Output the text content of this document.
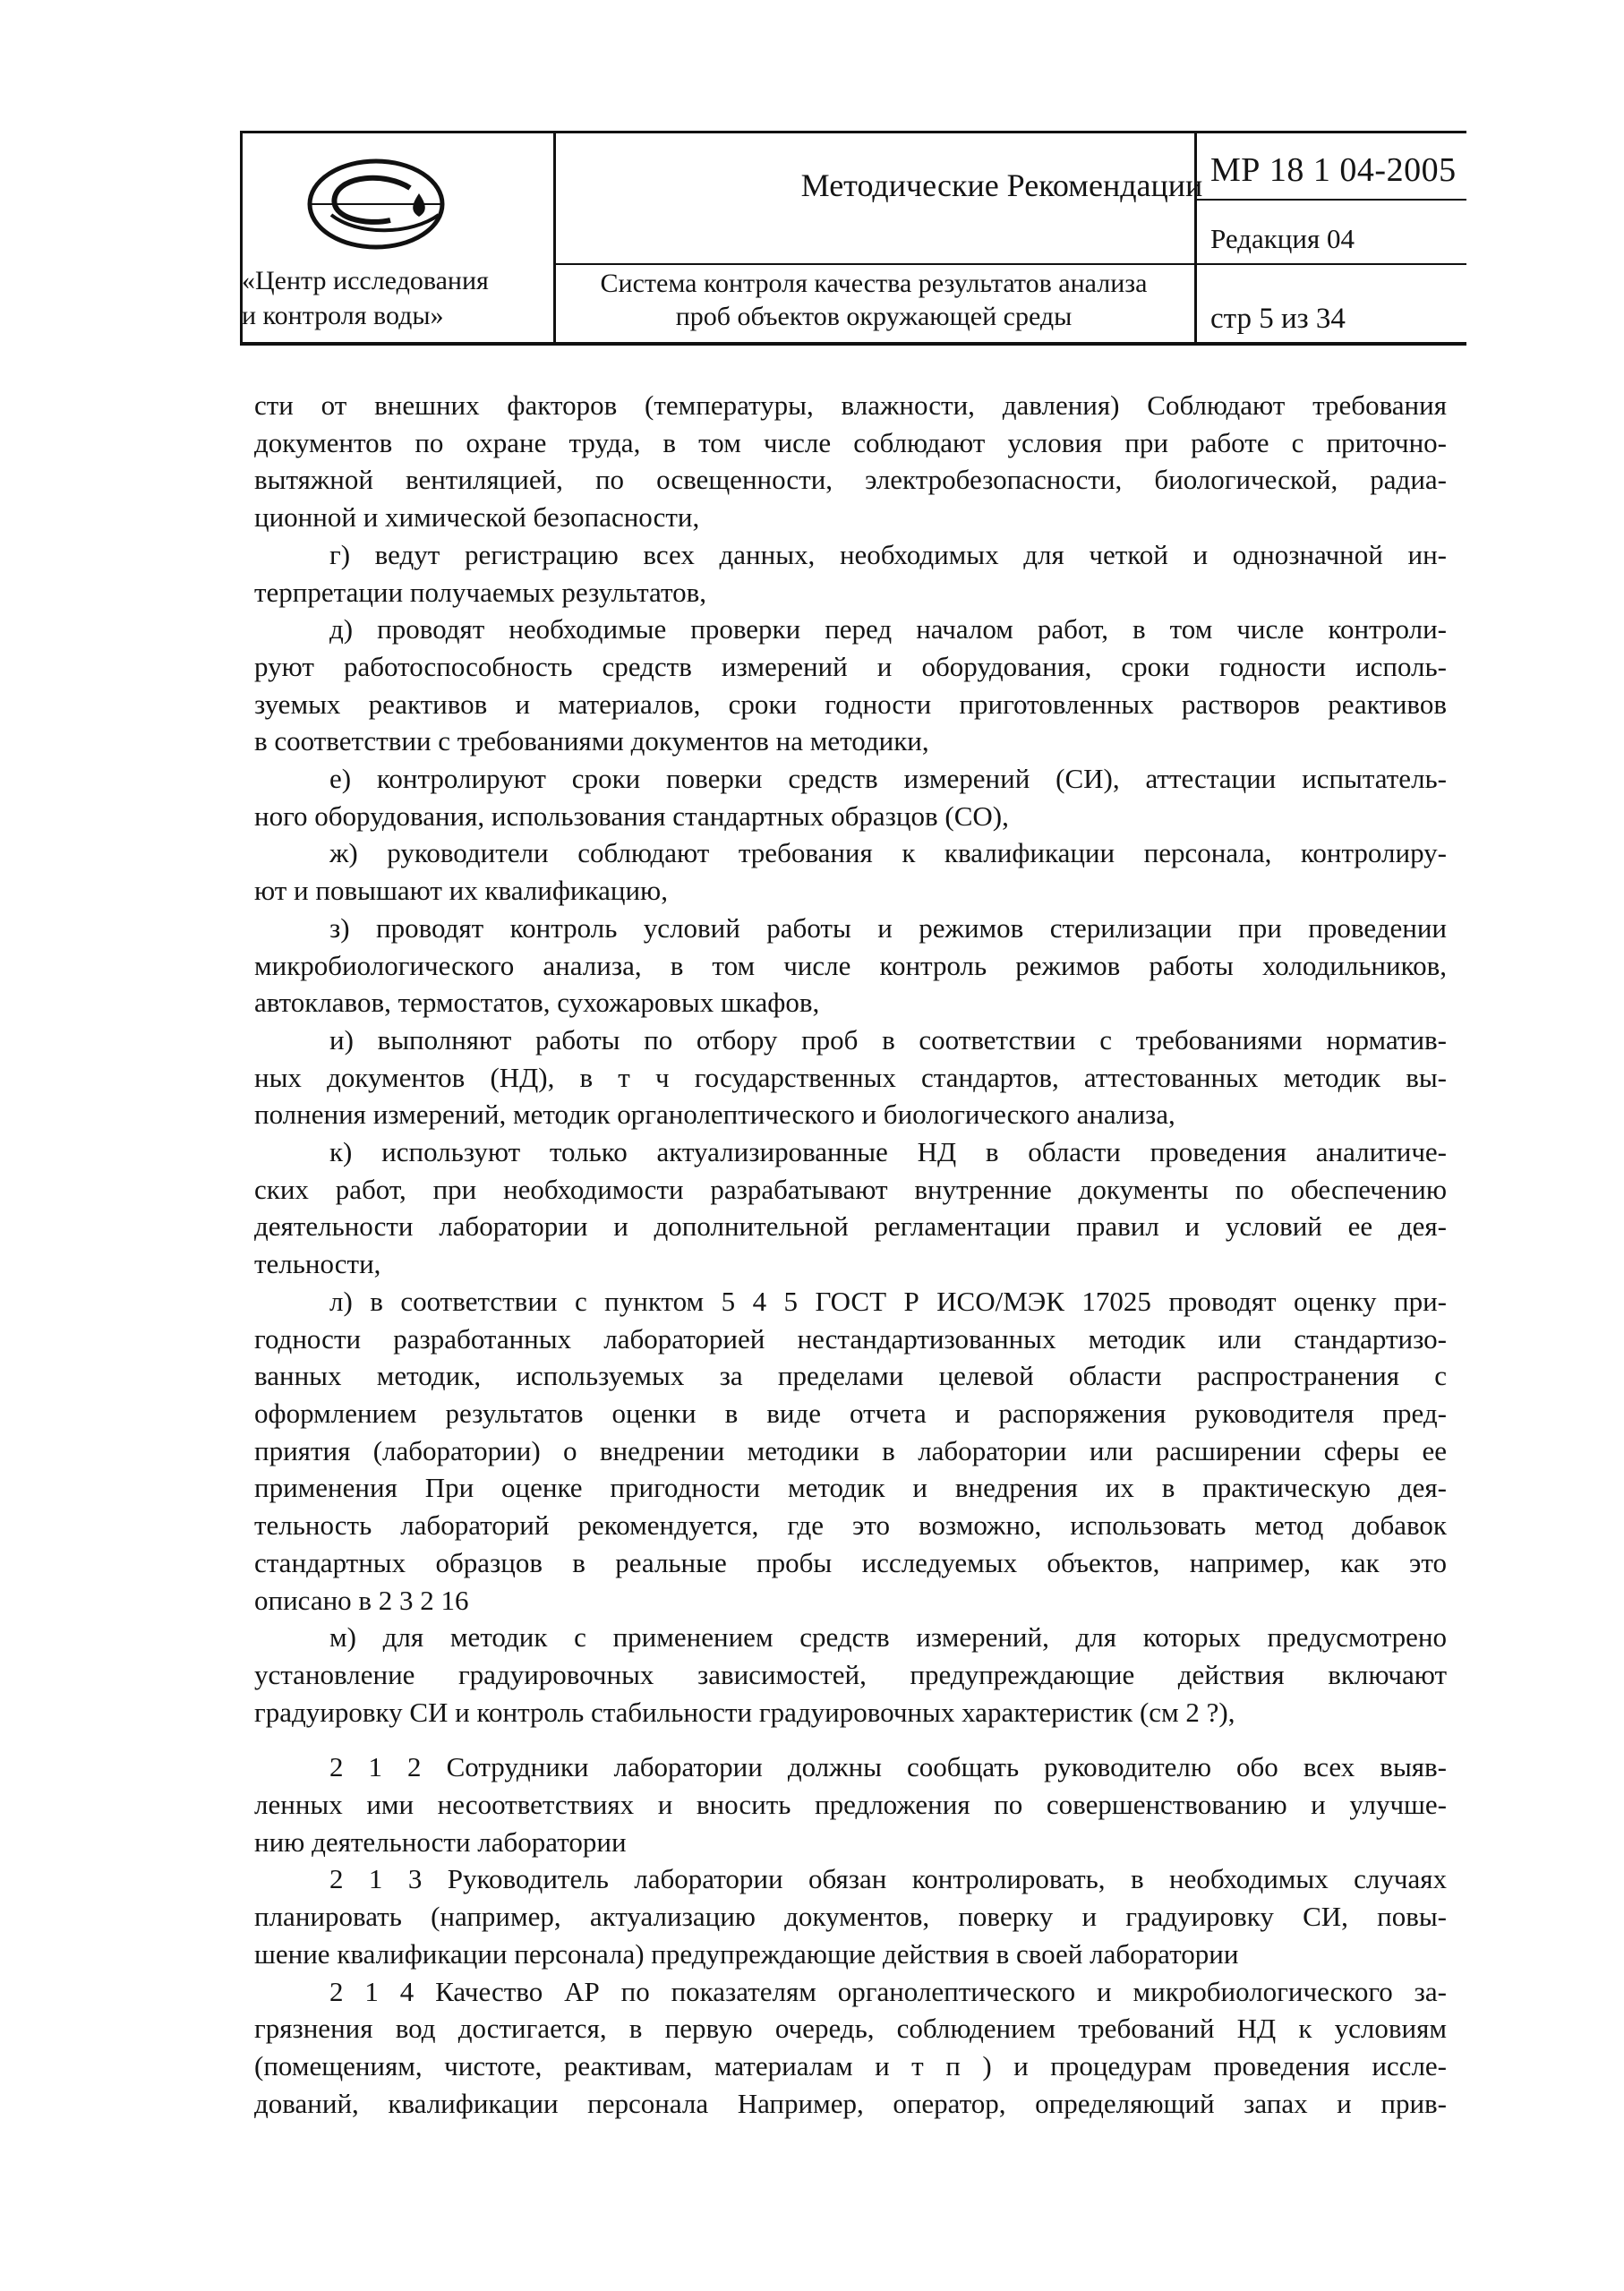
«Центр исследования
и контроля воды»
Методические Рекомендации
Система контроля качества результатов анализа
проб объектов окружающей среды
МР 18 1 04-2005
Редакция 04
стр 5 из 34
сти от внешних факторов (температуры, влажности, давления) Соблюдают требования
документов по охране труда, в том числе соблюдают условия при работе с приточно-
вытяжной вентиляцией, по освещенности, электробезопасности, биологической, радиа-
ционной и химической безопасности,
г) ведут регистрацию всех данных, необходимых для четкой и однозначной ин-
терпретации получаемых результатов,
д) проводят необходимые проверки перед началом работ, в том числе контроли-
руют работоспособность средств измерений и оборудования, сроки годности исполь-
зуемых реактивов и материалов, сроки годности приготовленных растворов реактивов
в соответствии с требованиями документов на методики,
е) контролируют сроки поверки средств измерений (СИ), аттестации испытатель-
ного оборудования, использования стандартных образцов (СО),
ж) руководители соблюдают требования к квалификации персонала, контролиру-
ют и повышают их квалификацию,
з) проводят контроль условий работы и режимов стерилизации при проведении
микробиологического анализа, в том числе контроль режимов работы холодильников,
автоклавов, термостатов, сухожаровых шкафов,
и) выполняют работы по отбору проб в соответствии с требованиями норматив-
ных документов (НД), в т ч государственных стандартов, аттестованных методик вы-
полнения измерений, методик органолептического и биологического анализа,
к) используют только актуализированные НД в области проведения аналитиче-
ских работ, при необходимости разрабатывают внутренние документы по обеспечению
деятельности лаборатории и дополнительной регламентации правил и условий ее дея-
тельности,
л) в соответствии с пунктом 5 4 5 ГОСТ Р ИСО/МЭК 17025 проводят оценку при-
годности разработанных лабораторией нестандартизованных методик или стандартизо-
ванных методик, используемых за пределами целевой области распространения с
оформлением результатов оценки в виде отчета и распоряжения руководителя пред-
приятия (лаборатории) о внедрении методики в лаборатории или расширении сферы ее
применения При оценке пригодности методик и внедрения их в практическую дея-
тельность лабораторий рекомендуется, где это возможно, использовать метод добавок
стандартных образцов в реальные пробы исследуемых объектов, например, как это
описано в 2 3 2 16
м) для методик с применением средств измерений, для которых предусмотрено
установление градуировочных зависимостей, предупреждающие действия включают
градуировку СИ и контроль стабильности градуировочных характеристик (см 2 ?),
2 1 2 Сотрудники лаборатории должны сообщать руководителю обо всех выяв-
ленных ими несоответствиях и вносить предложения по совершенствованию и улучше-
нию деятельности лаборатории
2 1 3 Руководитель лаборатории обязан контролировать, в необходимых случаях
планировать (например, актуализацию документов, поверку и градуировку СИ, повы-
шение квалификации персонала) предупреждающие действия в своей лаборатории
2 1 4 Качество АР по показателям органолептического и микробиологического за-
грязнения вод достигается, в первую очередь, соблюдением требований НД к условиям
(помещениям, чистоте, реактивам, материалам и т п ) и процедурам проведения иссле-
дований, квалификации персонала Например, оператор, определяющий запах и прив-
